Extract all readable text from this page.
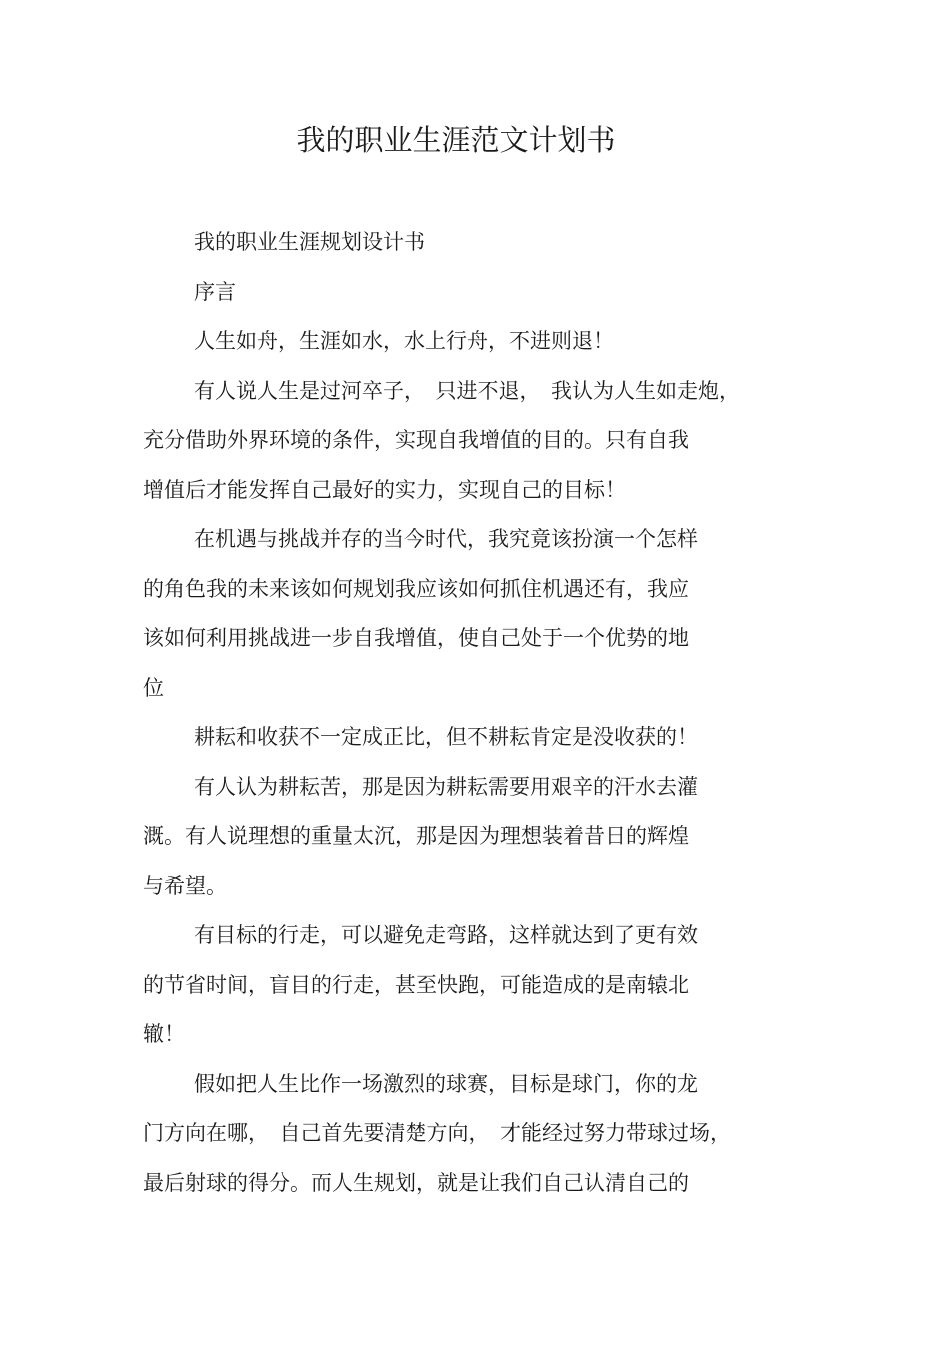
我的职业生涯范文计划书
我的职业生涯规划设计书
序言
人生如舟，生涯如水，水上行舟，不进则退！
有人说人生是过河卒子，　只进不退，　我认为人生如走炮，
充分借助外界环境的条件，实现自我增值的目的。只有自我
增值后才能发挥自己最好的实力，实现自己的目标！
在机遇与挑战并存的当今时代，我究竟该扮演一个怎样
的角色我的未来该如何规划我应该如何抓住机遇还有，我应
该如何利用挑战进一步自我增值，使自己处于一个优势的地
位
耕耘和收获不一定成正比，但不耕耘肯定是没收获的！
有人认为耕耘苦，那是因为耕耘需要用艰辛的汗水去灌
溉。有人说理想的重量太沉，那是因为理想装着昔日的辉煌
与希望。
有目标的行走，可以避免走弯路，这样就达到了更有效
的节省时间，盲目的行走，甚至快跑，可能造成的是南辕北
辙！
假如把人生比作一场激烈的球赛，目标是球门，你的龙
门方向在哪，　自己首先要清楚方向，　才能经过努力带球过场，
最后射球的得分。而人生规划，就是让我们自己认清自己的
